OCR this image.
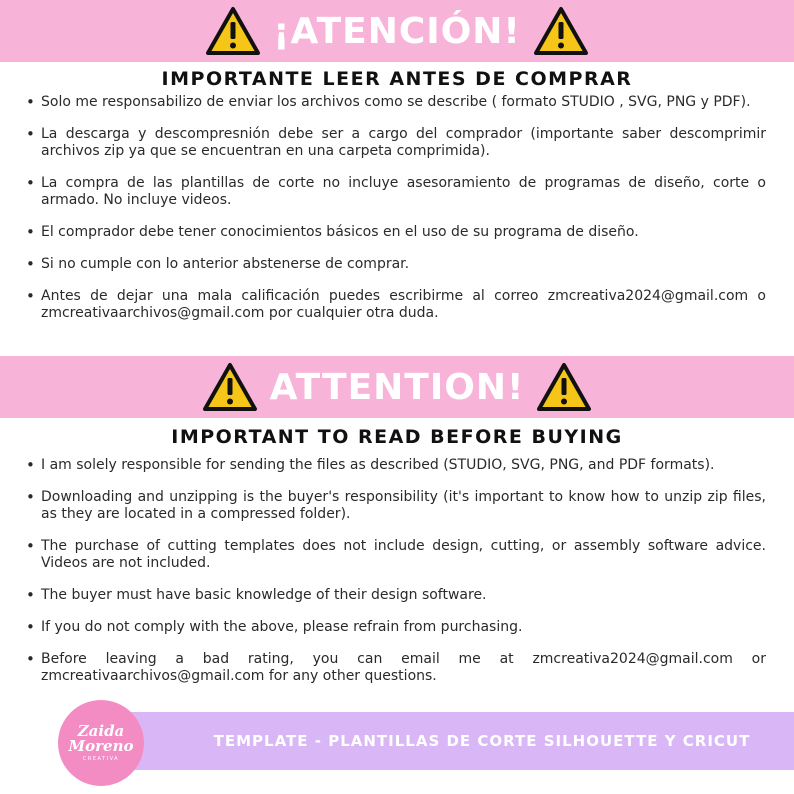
¡ATENCIÓN!
IMPORTANTE LEER ANTES DE COMPRAR
• Solo me responsabilizo de enviar los archivos como se describe ( formato STUDIO , SVG, PNG y PDF).
• La descarga y descompresnión debe ser a cargo del comprador (importante saber descomprimir archivos zip ya que se encuentran en una carpeta comprimida).
• La compra de las plantillas de corte no incluye asesoramiento de programas de diseño, corte o armado. No incluye videos.
• El comprador debe tener conocimientos básicos en el uso de su programa de diseño.
• Si no cumple con lo anterior abstenerse de comprar.
• Antes de dejar una mala calificación puedes escribirme al correo zmcreativa2024@gmail.com o zmcreativaarchivos@gmail.com por cualquier otra duda.
ATTENTION!
IMPORTANT TO READ BEFORE BUYING
• I am solely responsible for sending the files as described (STUDIO, SVG, PNG, and PDF formats).
• Downloading and unzipping is the buyer's responsibility (it's important to know how to unzip zip files, as they are located in a compressed folder).
• The purchase of cutting templates does not include design, cutting, or assembly software advice. Videos are not included.
• The buyer must have basic knowledge of their design software.
• If you do not comply with the above, please refrain from purchasing.
• Before leaving a bad rating, you can email me at zmcreativa2024@gmail.com or zmcreativaarchivos@gmail.com for any other questions.
TEMPLATE - PLANTILLAS DE CORTE SILHOUETTE Y CRICUT
Zaida
Moreno
CREATIVA
